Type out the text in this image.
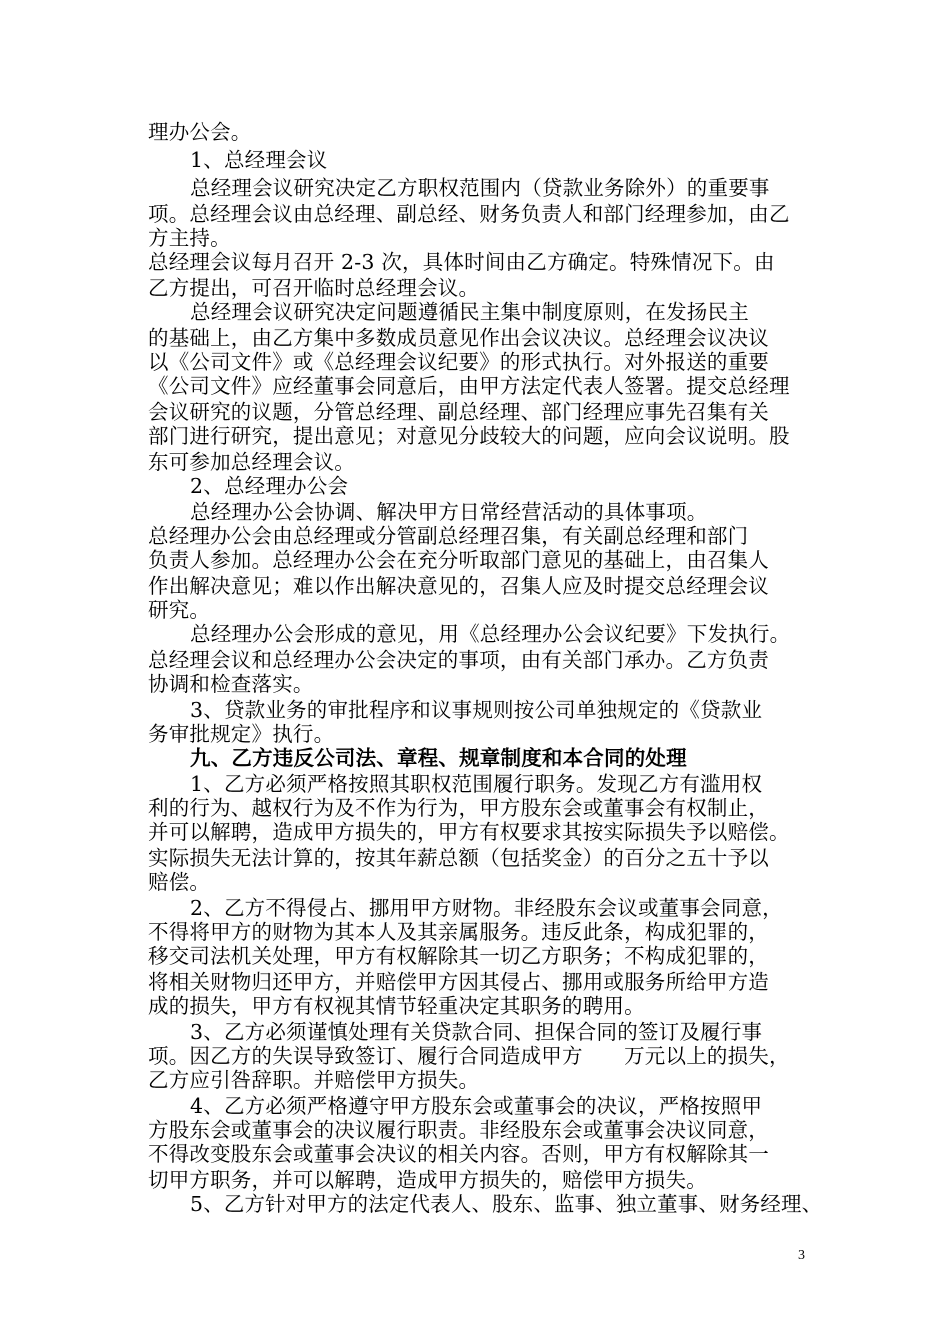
理办公会。
1、总经理会议
总经理会议研究决定乙方职权范围内（贷款业务除外）的重要事
项。总经理会议由总经理、副总经、财务负责人和部门经理参加，由乙
方主持。
总经理会议每月召开 2-3 次，具体时间由乙方确定。特殊情况下。由
乙方提出，可召开临时总经理会议。
总经理会议研究决定问题遵循民主集中制度原则，在发扬民主
的基础上，由乙方集中多数成员意见作出会议决议。总经理会议决议
以《公司文件》或《总经理会议纪要》的形式执行。对外报送的重要
《公司文件》应经董事会同意后，由甲方法定代表人签署。提交总经理
会议研究的议题，分管总经理、副总经理、部门经理应事先召集有关
部门进行研究，提出意见；对意见分歧较大的问题，应向会议说明。股
东可参加总经理会议。
2、总经理办公会
总经理办公会协调、解决甲方日常经营活动的具体事项。
总经理办公会由总经理或分管副总经理召集，有关副总经理和部门
负责人参加。总经理办公会在充分听取部门意见的基础上，由召集人
作出解决意见；难以作出解决意见的，召集人应及时提交总经理会议
研究。
总经理办公会形成的意见，用《总经理办公会议纪要》下发执行。
总经理会议和总经理办公会决定的事项，由有关部门承办。乙方负责
协调和检查落实。
3、贷款业务的审批程序和议事规则按公司单独规定的《贷款业
务审批规定》执行。
九、乙方违反公司法、章程、规章制度和本合同的处理
1、乙方必须严格按照其职权范围履行职务。发现乙方有滥用权
利的行为、越权行为及不作为行为，甲方股东会或董事会有权制止，
并可以解聘，造成甲方损失的，甲方有权要求其按实际损失予以赔偿。
实际损失无法计算的，按其年薪总额（包括奖金）的百分之五十予以
赔偿。
2、乙方不得侵占、挪用甲方财物。非经股东会议或董事会同意，
不得将甲方的财物为其本人及其亲属服务。违反此条，构成犯罪的，
移交司法机关处理，甲方有权解除其一切乙方职务；不构成犯罪的，
将相关财物归还甲方，并赔偿甲方因其侵占、挪用或服务所给甲方造
成的损失，甲方有权视其情节轻重决定其职务的聘用。
3、乙方必须谨慎处理有关贷款合同、担保合同的签订及履行事
项。因乙方的失误导致签订、履行合同造成甲方　　万元以上的损失，
乙方应引咎辞职。并赔偿甲方损失。
4、乙方必须严格遵守甲方股东会或董事会的决议，严格按照甲
方股东会或董事会的决议履行职责。非经股东会或董事会决议同意，
不得改变股东会或董事会决议的相关内容。否则，甲方有权解除其一
切甲方职务，并可以解聘，造成甲方损失的，赔偿甲方损失。
5、乙方针对甲方的法定代表人、股东、监事、独立董事、财务经理、
3
